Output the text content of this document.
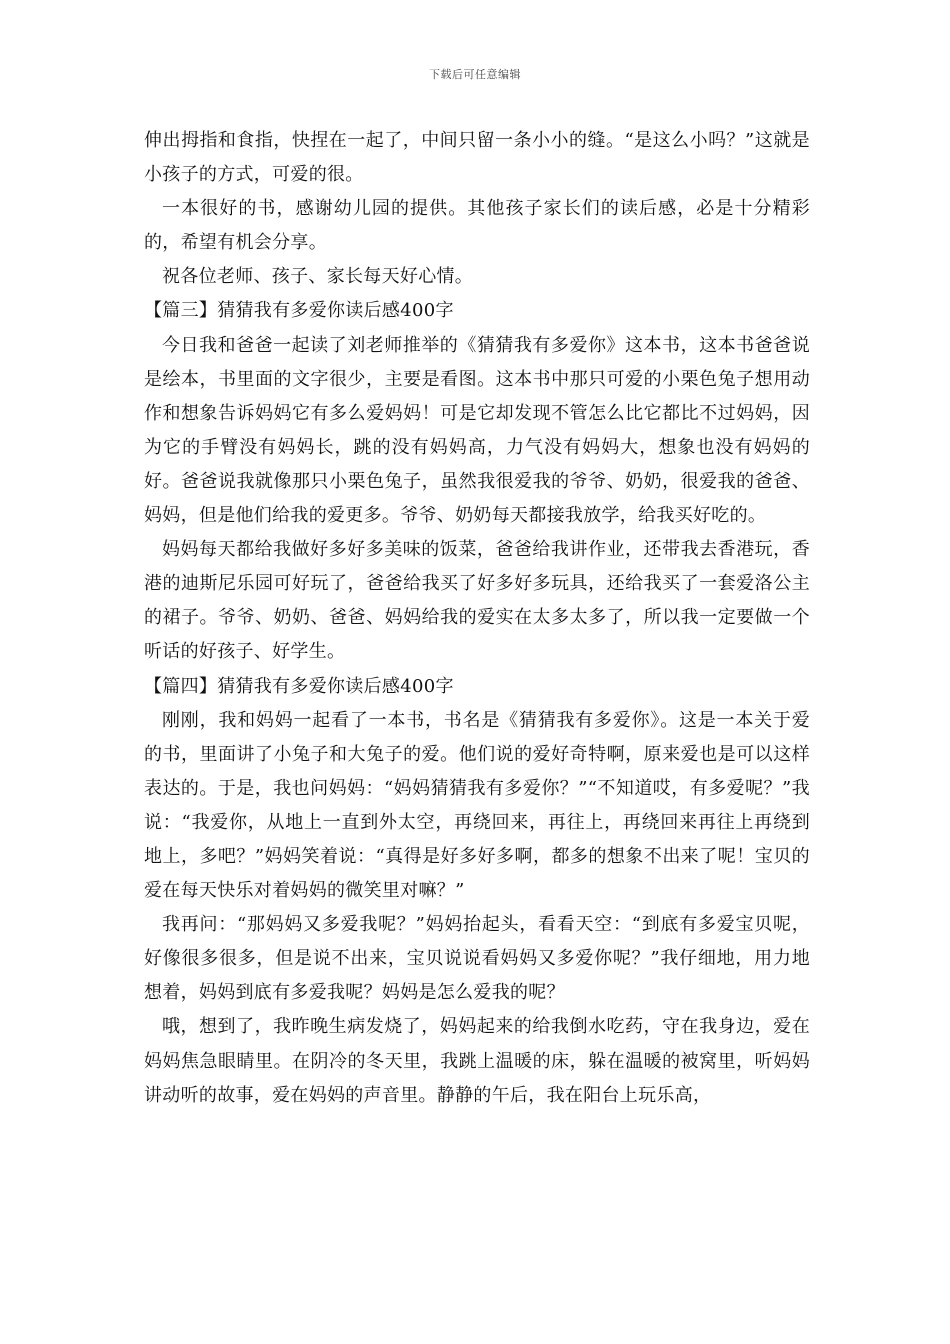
下载后可任意编辑

伸出拇指和食指，快捏在一起了，中间只留一条小小的缝。“是这么小吗？”这就是小孩子的方式，可爱的很。

一本很好的书，感谢幼儿园的提供。其他孩子家长们的读后感，必是十分精彩的，希望有机会分享。

祝各位老师、孩子、家长每天好心情。

【篇三】猜猜我有多爱你读后感400字

今日我和爸爸一起读了刘老师推举的《猜猜我有多爱你》这本书，这本书爸爸说是绘本，书里面的文字很少，主要是看图。这本书中那只可爱的小栗色兔子想用动作和想象告诉妈妈它有多么爱妈妈！可是它却发现不管怎么比它都比不过妈妈，因为它的手臂没有妈妈长，跳的没有妈妈高，力气没有妈妈大，想象也没有妈妈的好。爸爸说我就像那只小栗色兔子，虽然我很爱我的爷爷、奶奶，很爱我的爸爸、妈妈，但是他们给我的爱更多。爷爷、奶奶每天都接我放学，给我买好吃的。

妈妈每天都给我做好多好多美味的饭菜，爸爸给我讲作业，还带我去香港玩，香港的迪斯尼乐园可好玩了，爸爸给我买了好多好多玩具，还给我买了一套爱洛公主的裙子。爷爷、奶奶、爸爸、妈妈给我的爱实在太多太多了，所以我一定要做一个听话的好孩子、好学生。

【篇四】猜猜我有多爱你读后感400字

刚刚，我和妈妈一起看了一本书，书名是《猜猜我有多爱你》。这是一本关于爱的书，里面讲了小兔子和大兔子的爱。他们说的爱好奇特啊，原来爱也是可以这样表达的。于是，我也问妈妈：“妈妈猜猜我有多爱你？”“不知道哎，有多爱呢？”我说：“我爱你，从地上一直到外太空，再绕回来，再往上，再绕回来再往上再绕到地上，多吧？”妈妈笑着说：“真得是好多好多啊，都多的想象不出来了呢！宝贝的爱在每天快乐对着妈妈的微笑里对嘛？”

我再问：“那妈妈又多爱我呢？”妈妈抬起头，看看天空：“到底有多爱宝贝呢，好像很多很多，但是说不出来，宝贝说说看妈妈又多爱你呢？”我仔细地，用力地想着，妈妈到底有多爱我呢？妈妈是怎么爱我的呢？

哦，想到了，我昨晚生病发烧了，妈妈起来的给我倒水吃药，守在我身边，爱在妈妈焦急眼睛里。在阴冷的冬天里，我跳上温暖的床，躲在温暖的被窝里，听妈妈讲动听的故事，爱在妈妈的声音里。静静的午后，我在阳台上玩乐高，
